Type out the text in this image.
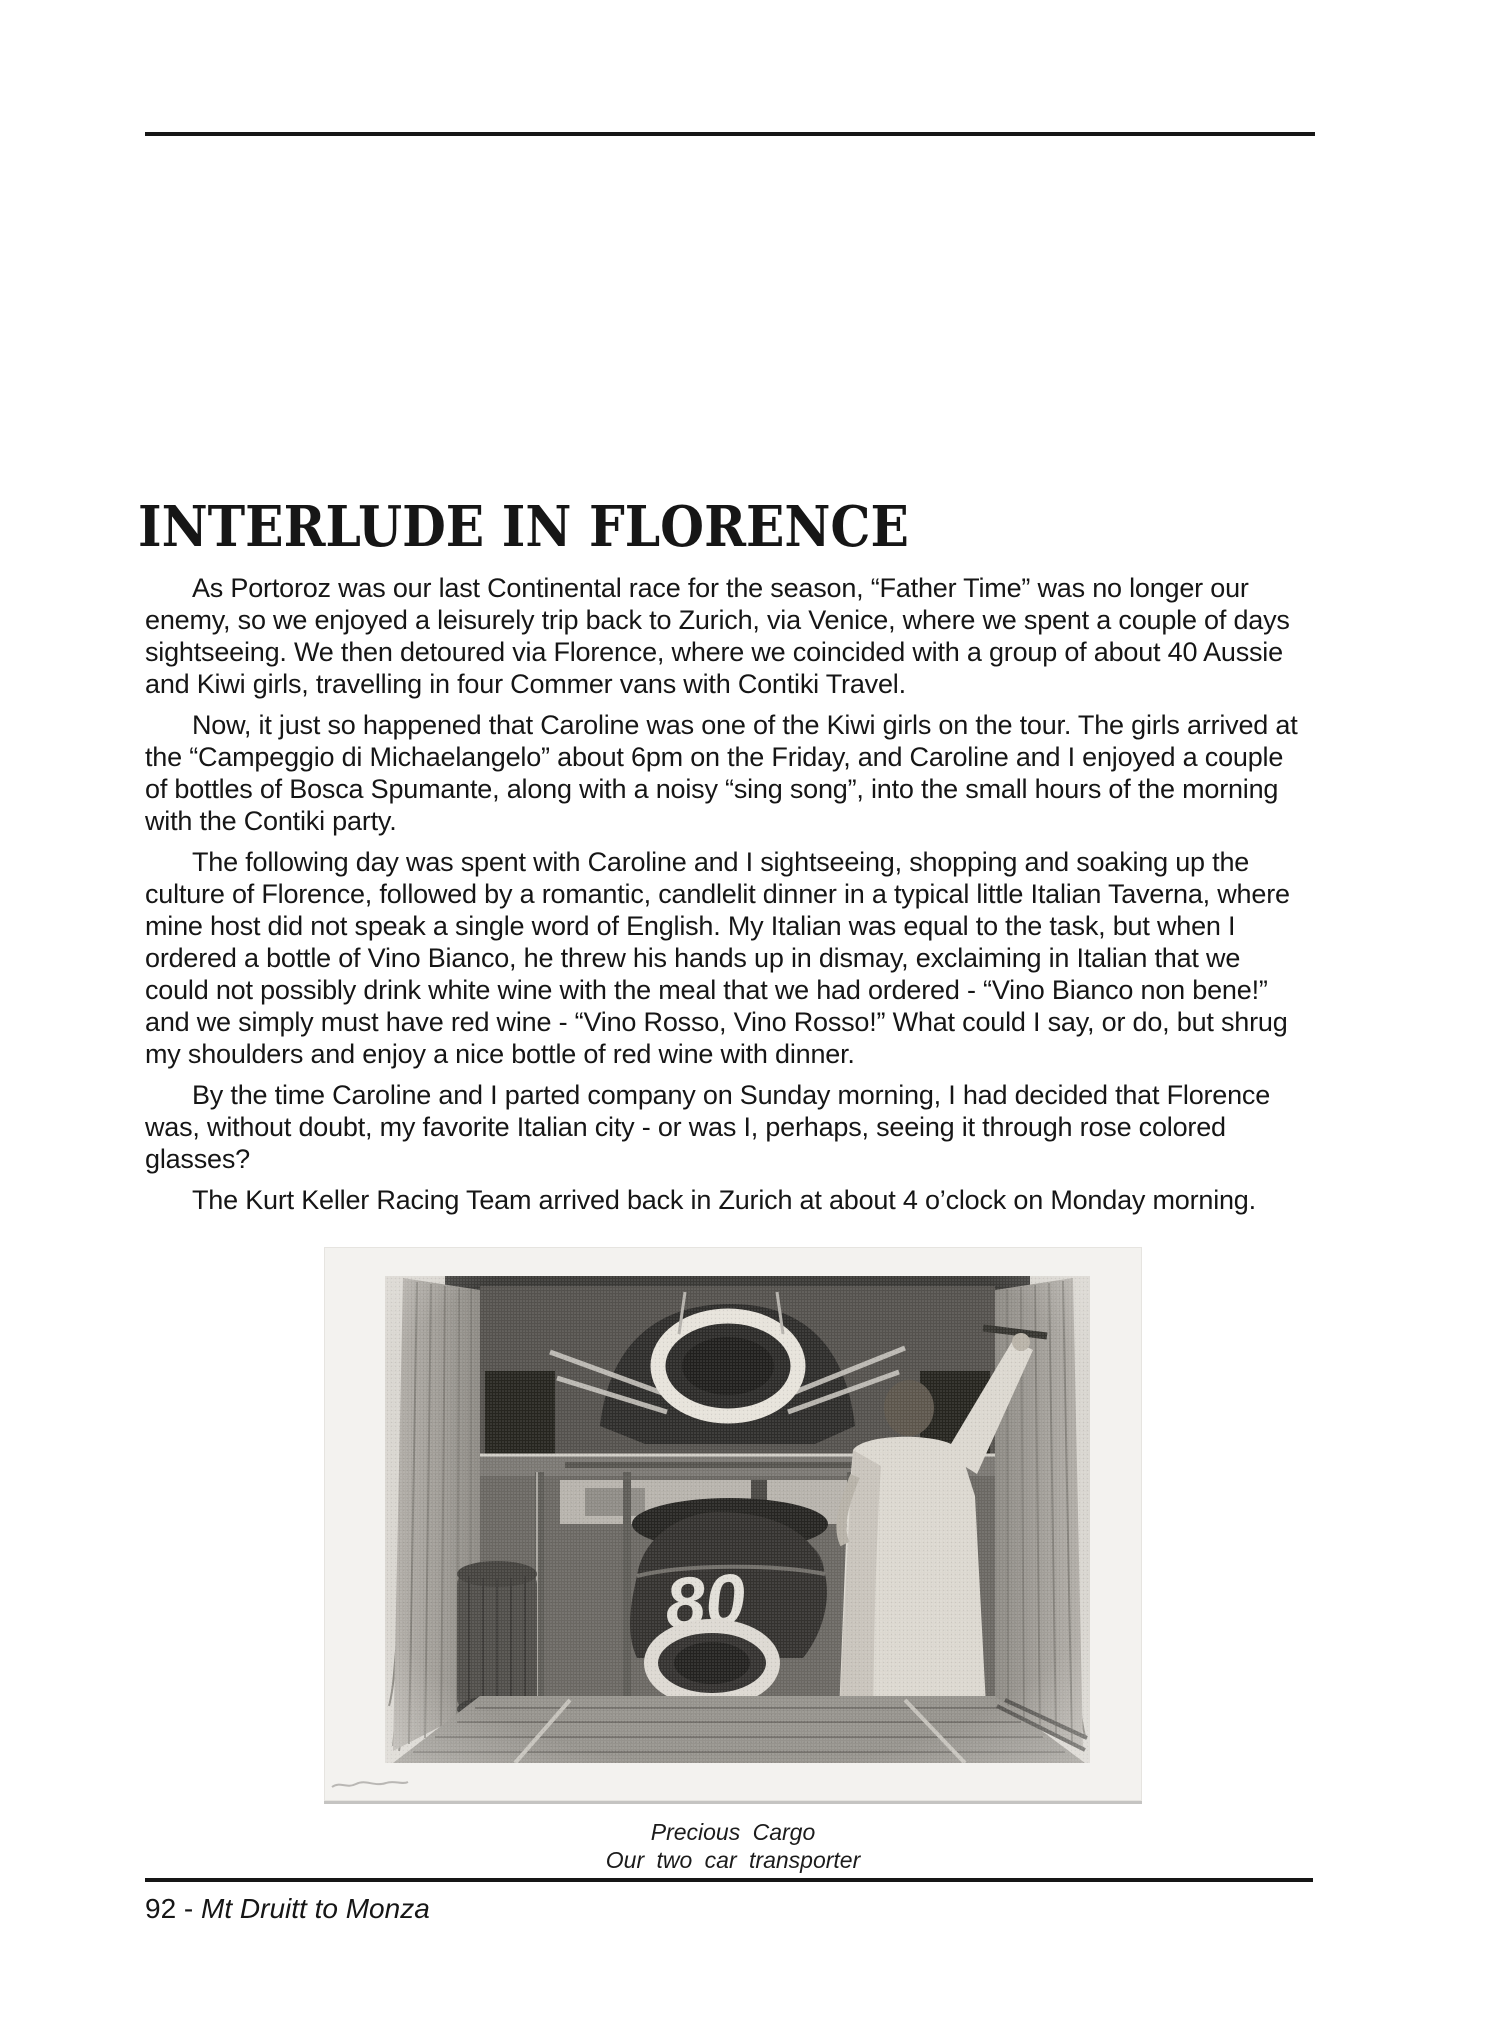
INTERLUDE IN FLORENCE

As Portoroz was our last Continental race for the season, “Father Time” was no longer our enemy, so we enjoyed a leisurely trip back to Zurich, via Venice, where we spent a couple of days sightseeing. We then detoured via Florence, where we coincided with a group of about 40 Aussie and Kiwi girls, travelling in four Commer vans with Contiki Travel.

Now, it just so happened that Caroline was one of the Kiwi girls on the tour. The girls arrived at the “Campeggio di Michaelangelo” about 6pm on the Friday, and Caroline and I enjoyed a couple of bottles of Bosca Spumante, along with a noisy “sing song”, into the small hours of the morning with the Contiki party.

The following day was spent with Caroline and I sightseeing, shopping and soaking up the culture of Florence, followed by a romantic, candlelit dinner in a typical little Italian Taverna, where mine host did not speak a single word of English. My Italian was equal to the task, but when I ordered a bottle of Vino Bianco, he threw his hands up in dismay, exclaiming in Italian that we could not possibly drink white wine with the meal that we had ordered - “Vino Bianco non bene!” and we simply must have red wine - “Vino Rosso, Vino Rosso!” What could I say, or do, but shrug my shoulders and enjoy a nice bottle of red wine with dinner.

By the time Caroline and I parted company on Sunday morning, I had decided that Florence was, without doubt, my favorite Italian city - or was I, perhaps, seeing it through rose colored glasses?

The Kurt Keller Racing Team arrived back in Zurich at about 4 o’clock on Monday morning.

Precious Cargo
Our two car transporter
92 - Mt Druitt to Monza
